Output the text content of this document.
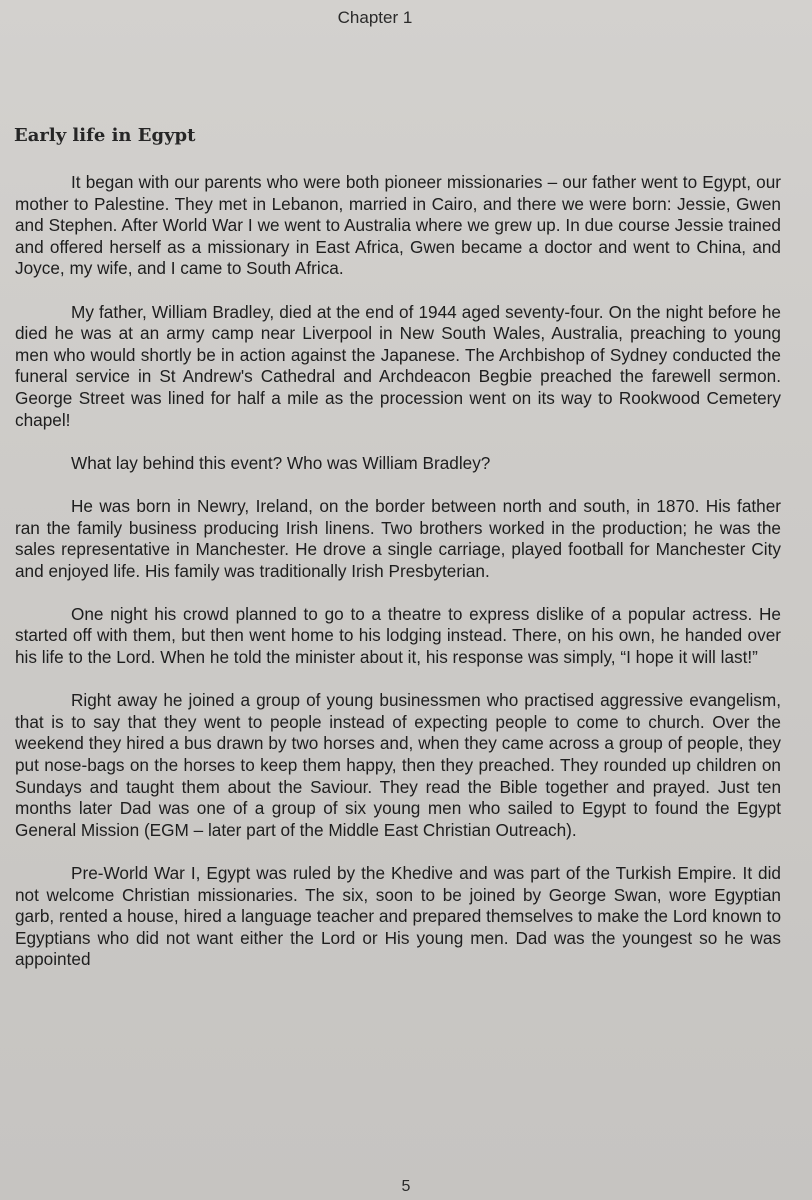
Chapter 1
Early life in Egypt

It began with our parents who were both pioneer missionaries – our father went to Egypt, our mother to Palestine. They met in Lebanon, married in Cairo, and there we were born: Jessie, Gwen and Stephen. After World War I we went to Australia where we grew up. In due course Jessie trained and offered herself as a missionary in East Africa, Gwen became a doctor and went to China, and Joyce, my wife, and I came to South Africa.

My father, William Bradley, died at the end of 1944 aged seventy-four. On the night before he died he was at an army camp near Liverpool in New South Wales, Australia, preaching to young men who would shortly be in action against the Japanese. The Archbishop of Sydney conducted the funeral service in St Andrew's Cathedral and Archdeacon Begbie preached the farewell sermon. George Street was lined for half a mile as the procession went on its way to Rookwood Cemetery chapel!

What lay behind this event? Who was William Bradley?

He was born in Newry, Ireland, on the border between north and south, in 1870. His father ran the family business producing Irish linens. Two brothers worked in the production; he was the sales representative in Manchester. He drove a single carriage, played football for Manchester City and enjoyed life. His family was traditionally Irish Presbyterian.

One night his crowd planned to go to a theatre to express dislike of a popular actress. He started off with them, but then went home to his lodging instead. There, on his own, he handed over his life to the Lord. When he told the minister about it, his response was simply, “I hope it will last!”

Right away he joined a group of young businessmen who practised aggressive evangelism, that is to say that they went to people instead of expecting people to come to church. Over the weekend they hired a bus drawn by two horses and, when they came across a group of people, they put nose-bags on the horses to keep them happy, then they preached. They rounded up children on Sundays and taught them about the Saviour. They read the Bible together and prayed. Just ten months later Dad was one of a group of six young men who sailed to Egypt to found the Egypt General Mission (EGM – later part of the Middle East Christian Outreach).

Pre-World War I, Egypt was ruled by the Khedive and was part of the Turkish Empire. It did not welcome Christian missionaries. The six, soon to be joined by George Swan, wore Egyptian garb, rented a house, hired a language teacher and prepared themselves to make the Lord known to Egyptians who did not want either the Lord or His young men. Dad was the youngest so he was appointed

5
